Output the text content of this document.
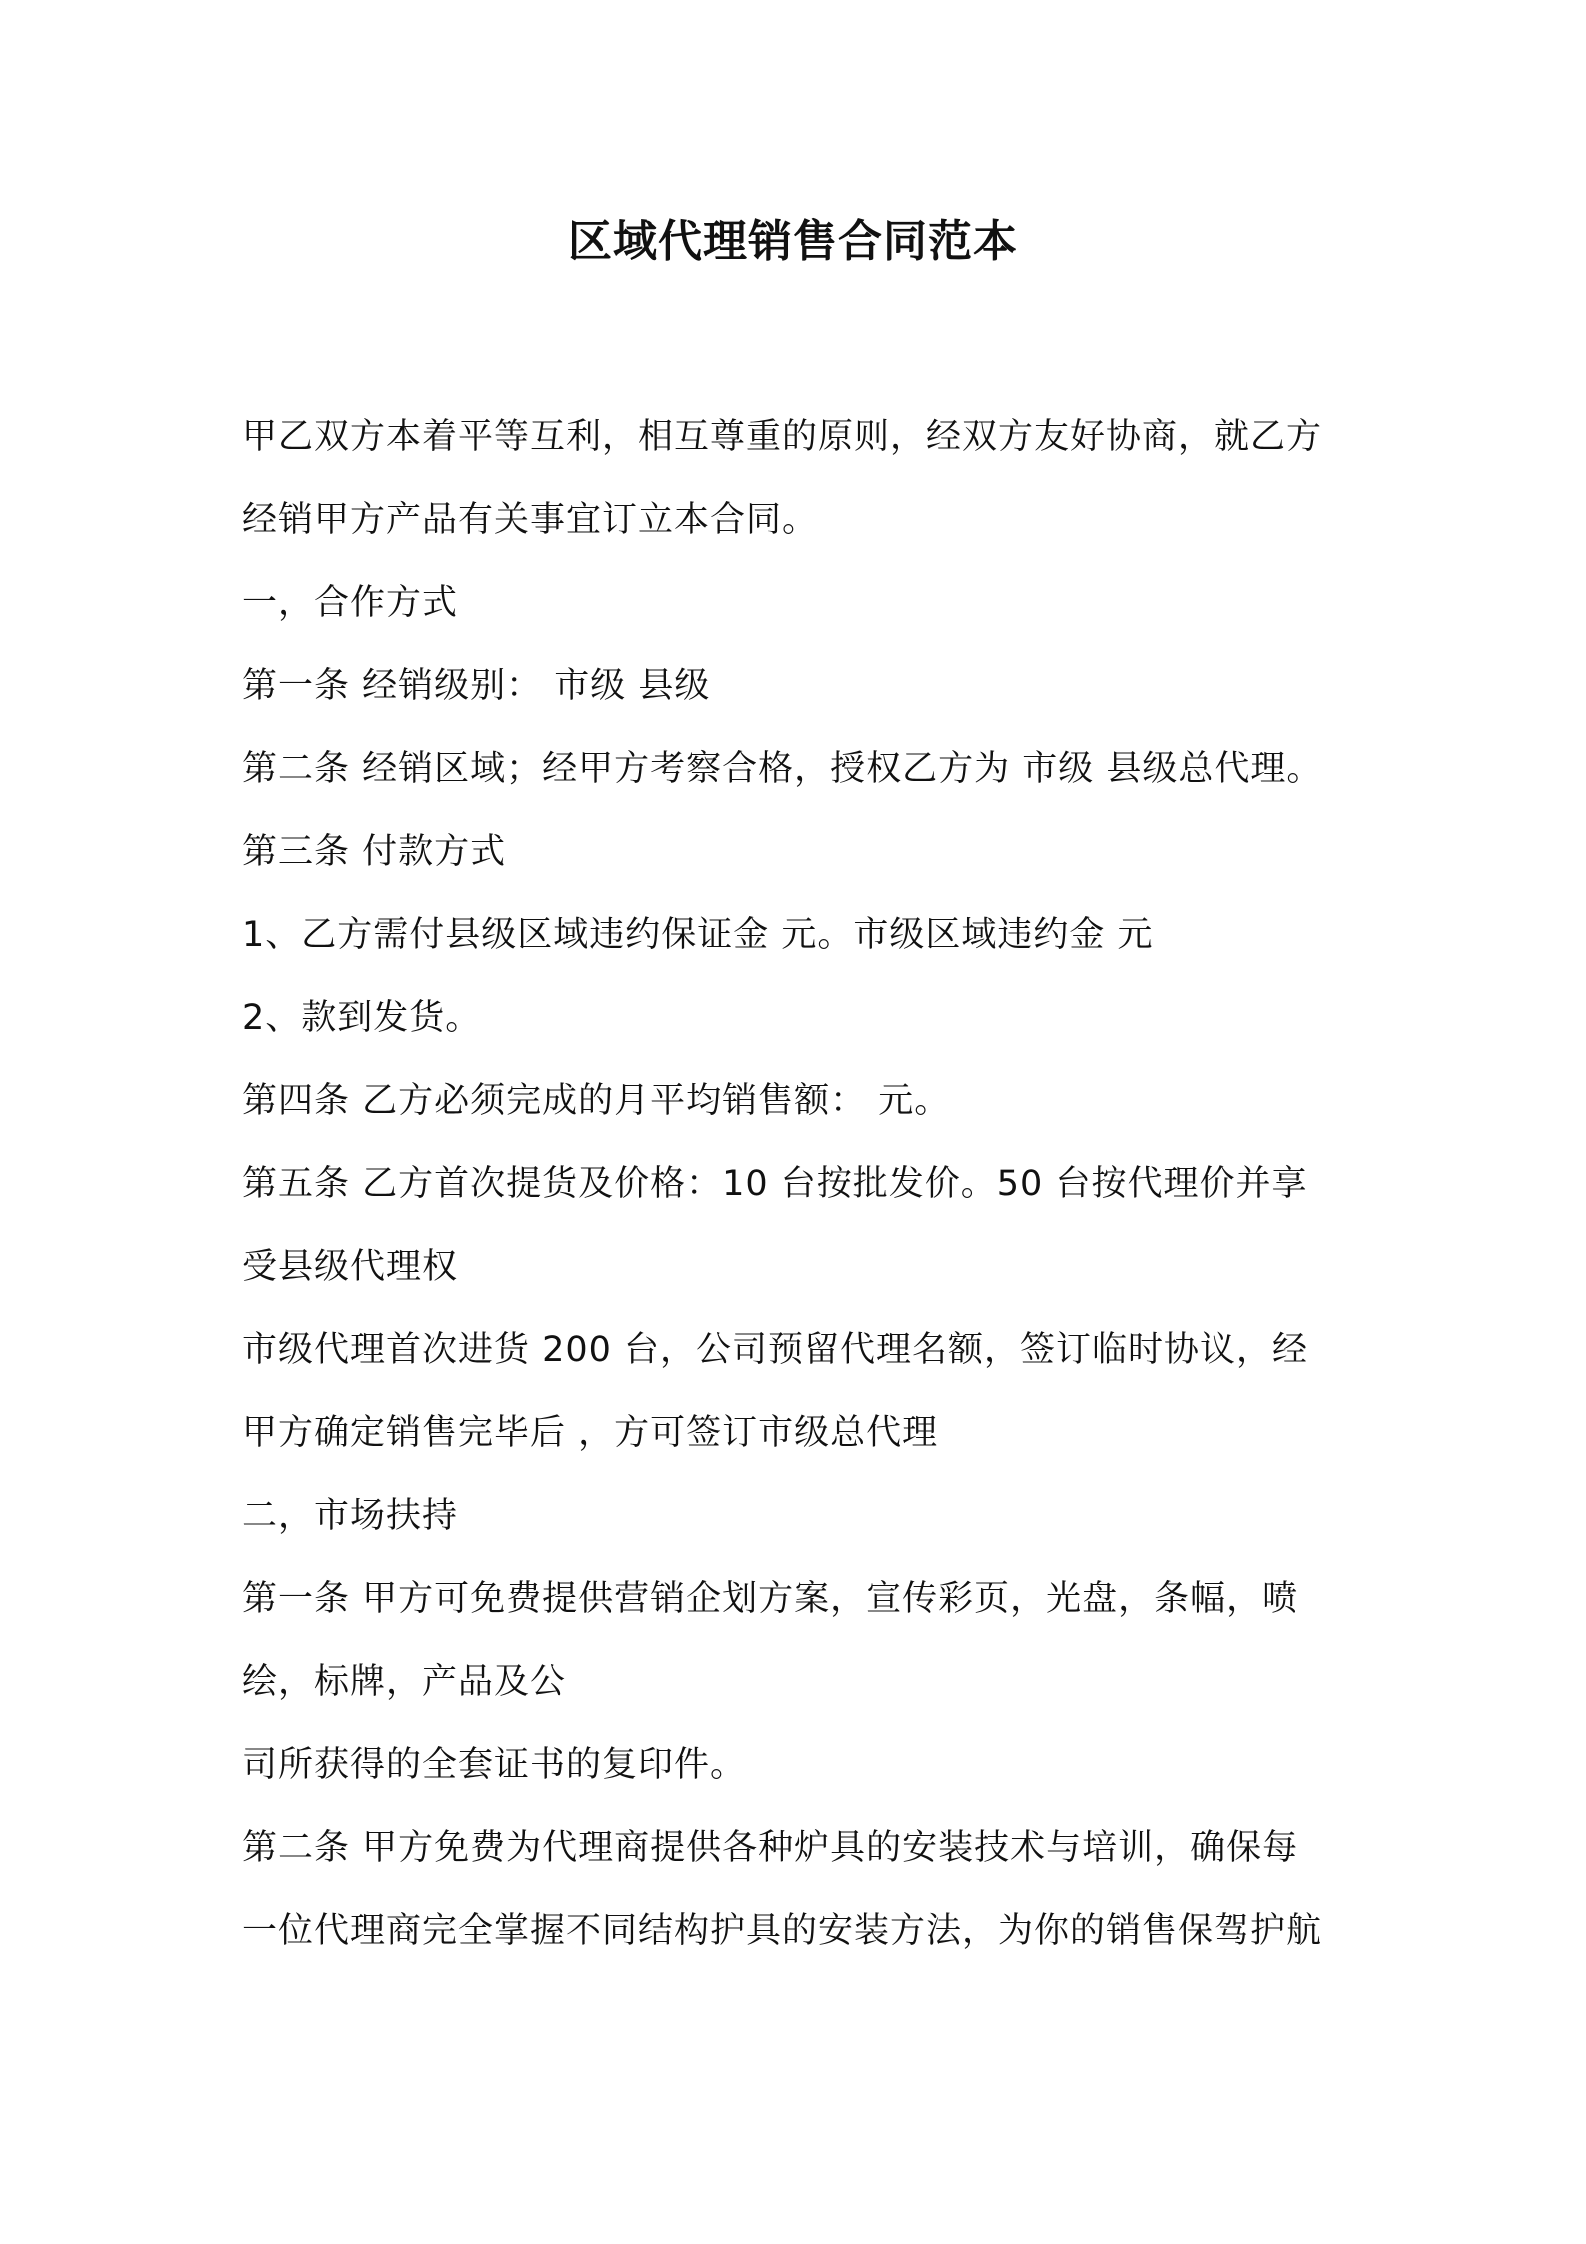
区域代理销售合同范本
甲乙双方本着平等互利，相互尊重的原则，经双方友好协商，就乙方
经销甲方产品有关事宜订立本合同。
一，合作方式
第一条 经销级别： 市级 县级
第二条 经销区域；经甲方考察合格，授权乙方为 市级 县级总代理。
第三条 付款方式
1、乙方需付县级区域违约保证金 元。市级区域违约金 元
2、款到发货。
第四条 乙方必须完成的月平均销售额： 元。
第五条 乙方首次提货及价格：10 台按批发价。50 台按代理价并享
受县级代理权
市级代理首次进货 200 台，公司预留代理名额，签订临时协议，经
甲方确定销售完毕后 ，方可签订市级总代理
二，市场扶持
第一条 甲方可免费提供营销企划方案，宣传彩页，光盘，条幅，喷
绘，标牌，产品及公
司所获得的全套证书的复印件。
第二条 甲方免费为代理商提供各种炉具的安装技术与培训，确保每
一位代理商完全掌握不同结构护具的安装方法，为你的销售保驾护航
